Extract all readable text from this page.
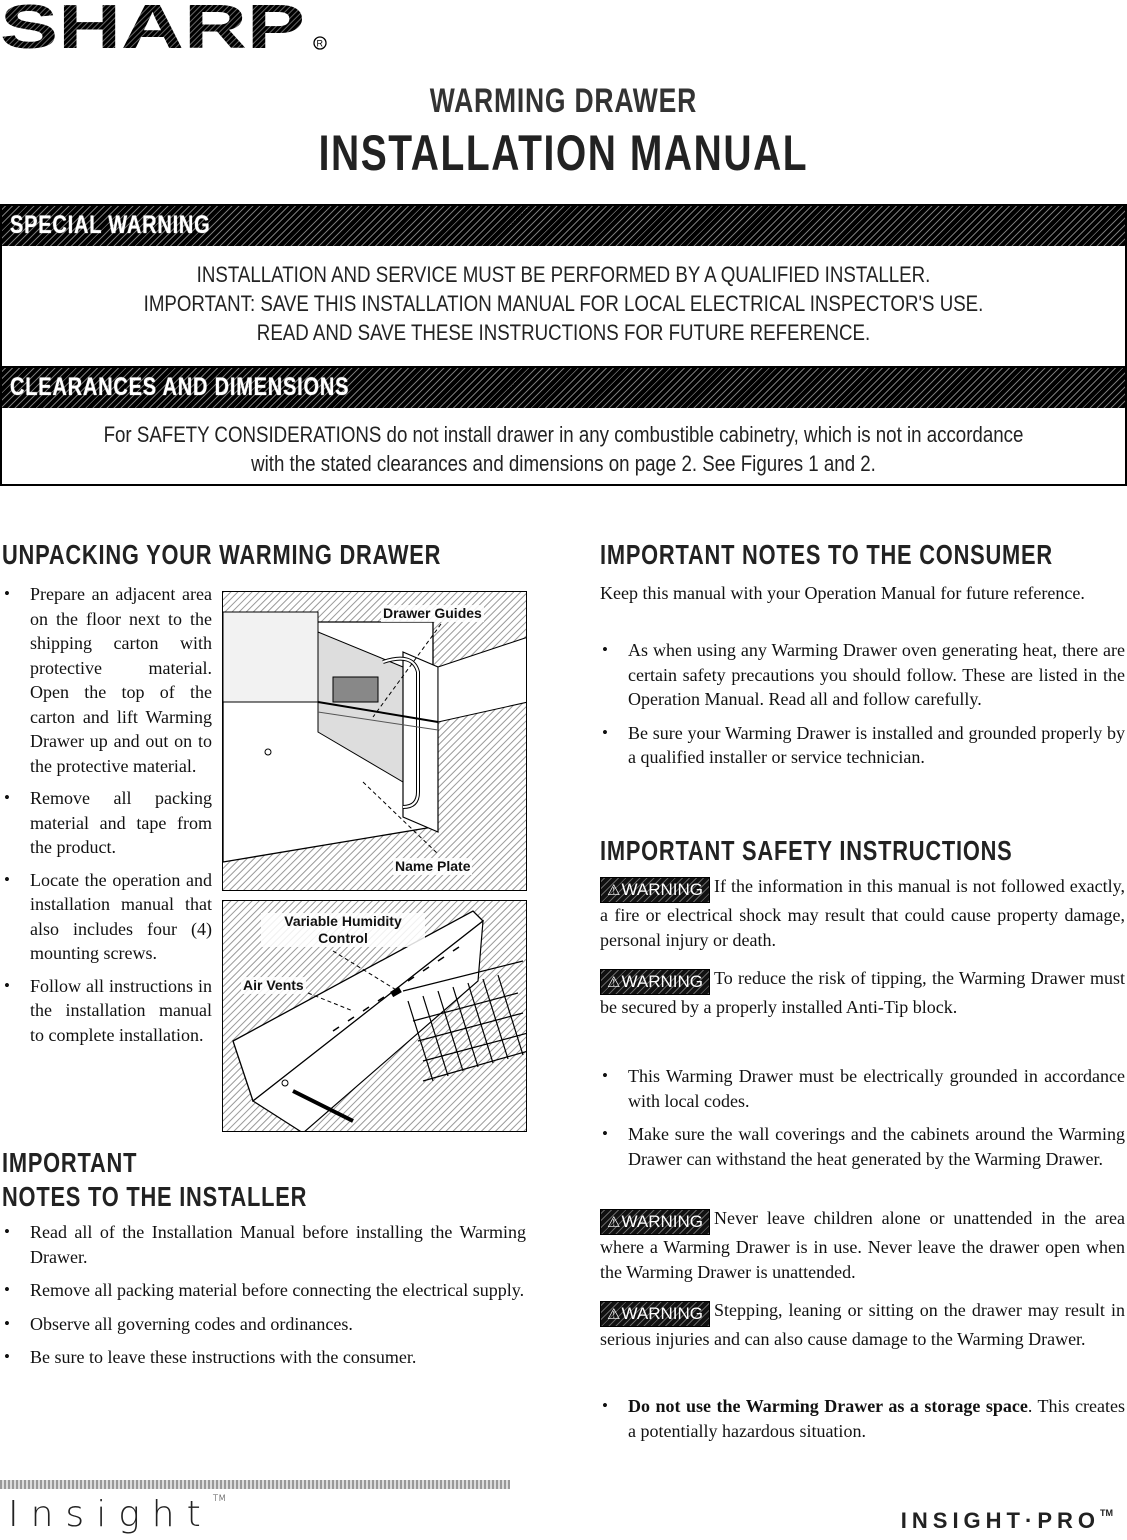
SHARP R
WARMING DRAWER
INSTALLATION MANUAL
SPECIAL WARNING
INSTALLATION AND SERVICE MUST BE PERFORMED BY A QUALIFIED INSTALLER.
IMPORTANT: SAVE THIS INSTALLATION MANUAL FOR LOCAL ELECTRICAL INSPECTOR'S USE.
READ AND SAVE THESE INSTRUCTIONS FOR FUTURE REFERENCE.
CLEARANCES AND DIMENSIONS
For SAFETY CONSIDERATIONS do not install drawer in any combustible cabinetry, which is not in accordance
with the stated clearances and dimensions on page 2. See Figures 1 and 2.
UNPACKING YOUR WARMING DRAWER
• Prepare an adjacent area on the floor next to the shipping carton with protective material. Open the top of the carton and lift Warming Drawer up and out on to the protective material.
• Remove all packing material and tape from the product.
• Locate the operation and installation manual that also includes four (4) mounting screws.
• Follow all instructions in the installation manual to complete installation.
Drawer Guides
Name Plate
Variable Humidity Control
Air Vents
IMPORTANT
NOTES TO THE INSTALLER
• Read all of the Installation Manual before installing the Warming Drawer.
• Remove all packing material before connecting the electrical supply.
• Observe all governing codes and ordinances.
• Be sure to leave these instructions with the consumer.
IMPORTANT NOTES TO THE CONSUMER
Keep this manual with your Operation Manual for future reference.
• As when using any Warming Drawer oven generating heat, there are certain safety precautions you should follow. These are listed in the Operation Manual. Read all and follow carefully.
• Be sure your Warming Drawer is installed and grounded properly by a qualified installer or service technician.
IMPORTANT SAFETY INSTRUCTIONS
⚠WARNING If the information in this manual is not followed exactly, a fire or electrical shock may result that could cause property damage, personal injury or death.
⚠WARNING To reduce the risk of tipping, the Warming Drawer must be secured by a properly installed Anti-Tip block.
• This Warming Drawer must be electrically grounded in accordance with local codes.
• Make sure the wall coverings and the cabinets around the Warming Drawer can withstand the heat generated by the Warming Drawer.
⚠WARNING Never leave children alone or unattended in the area where a Warming Drawer is in use. Never leave the drawer open when the Warming Drawer is unattended.
⚠WARNING Stepping, leaning or sitting on the drawer may result in serious injuries and can also cause damage to the Warming Drawer.
• Do not use the Warming Drawer as a storage space. This creates a potentially hazardous situation.
Insight™
INSIGHT·PRO™
